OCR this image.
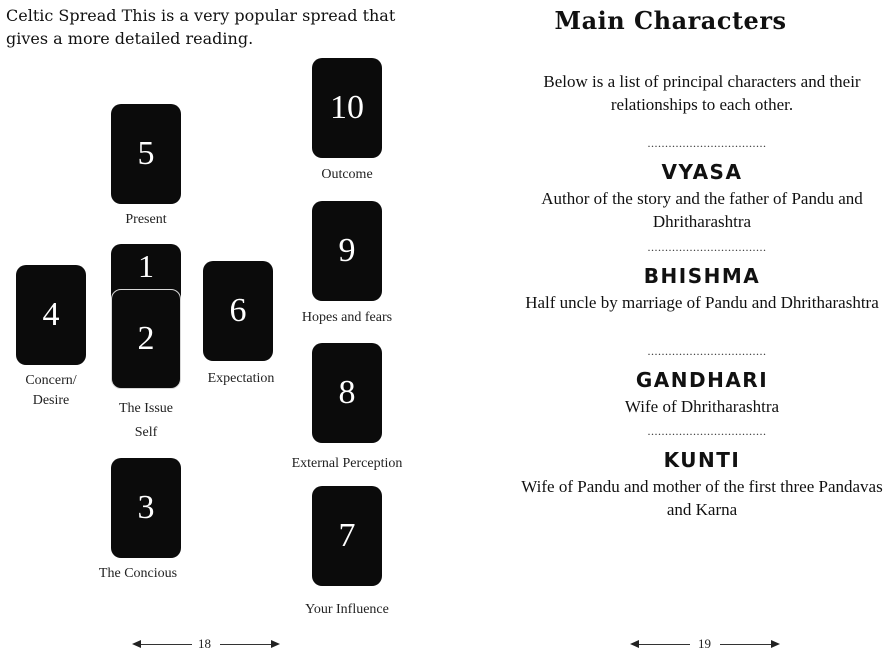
Celtic Spread This is a very popular spread that gives a more detailed reading.

5
10
9
1
2
4	6
8
3
7
Present
Outcome
Hopes and fears
Concern/
Desire
Expectation
The Issue
Self
External Perception
The Concious
Your Influence
18
Main Characters

Below is a list of principal characters and their relationships to each other.

..................................
VYASA

Author of the story and the father of Pandu and Dhritharashtra

..................................
BHISHMA

Half uncle by marriage of Pandu and Dhritharashtra

..................................
GANDHARI

Wife of Dhritharashtra

..................................
KUNTI

Wife of Pandu and mother of the first three Pandavas and Karna

19
